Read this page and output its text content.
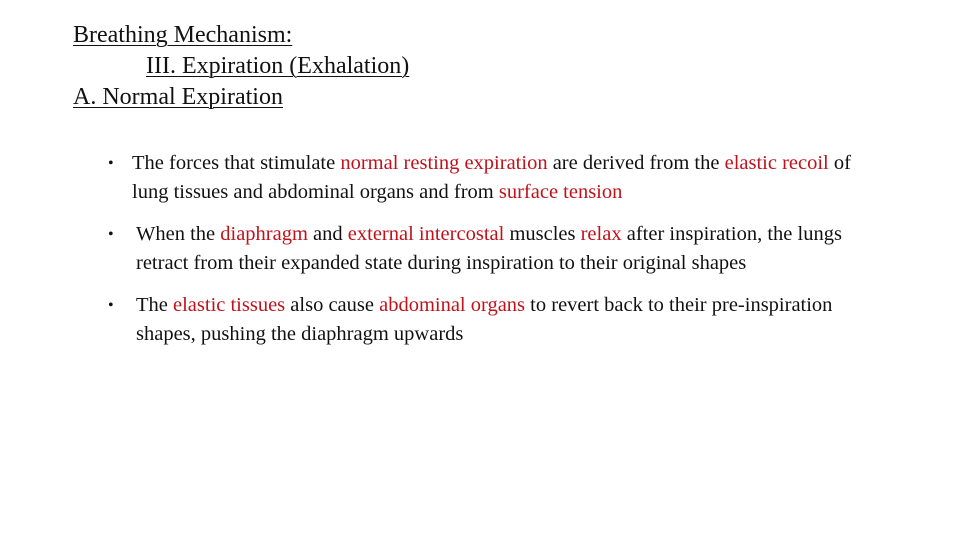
Breathing Mechanism:
III. Expiration (Exhalation)
A. Normal Expiration
• The forces that stimulate normal resting expiration are derived from the elastic recoil of lung tissues and abdominal organs and from surface tension
• When the diaphragm and external intercostal muscles relax after inspiration, the lungs retract from their expanded state during inspiration to their original shapes
• The elastic tissues also cause abdominal organs to revert back to their pre-inspiration shapes, pushing the diaphragm upwards
